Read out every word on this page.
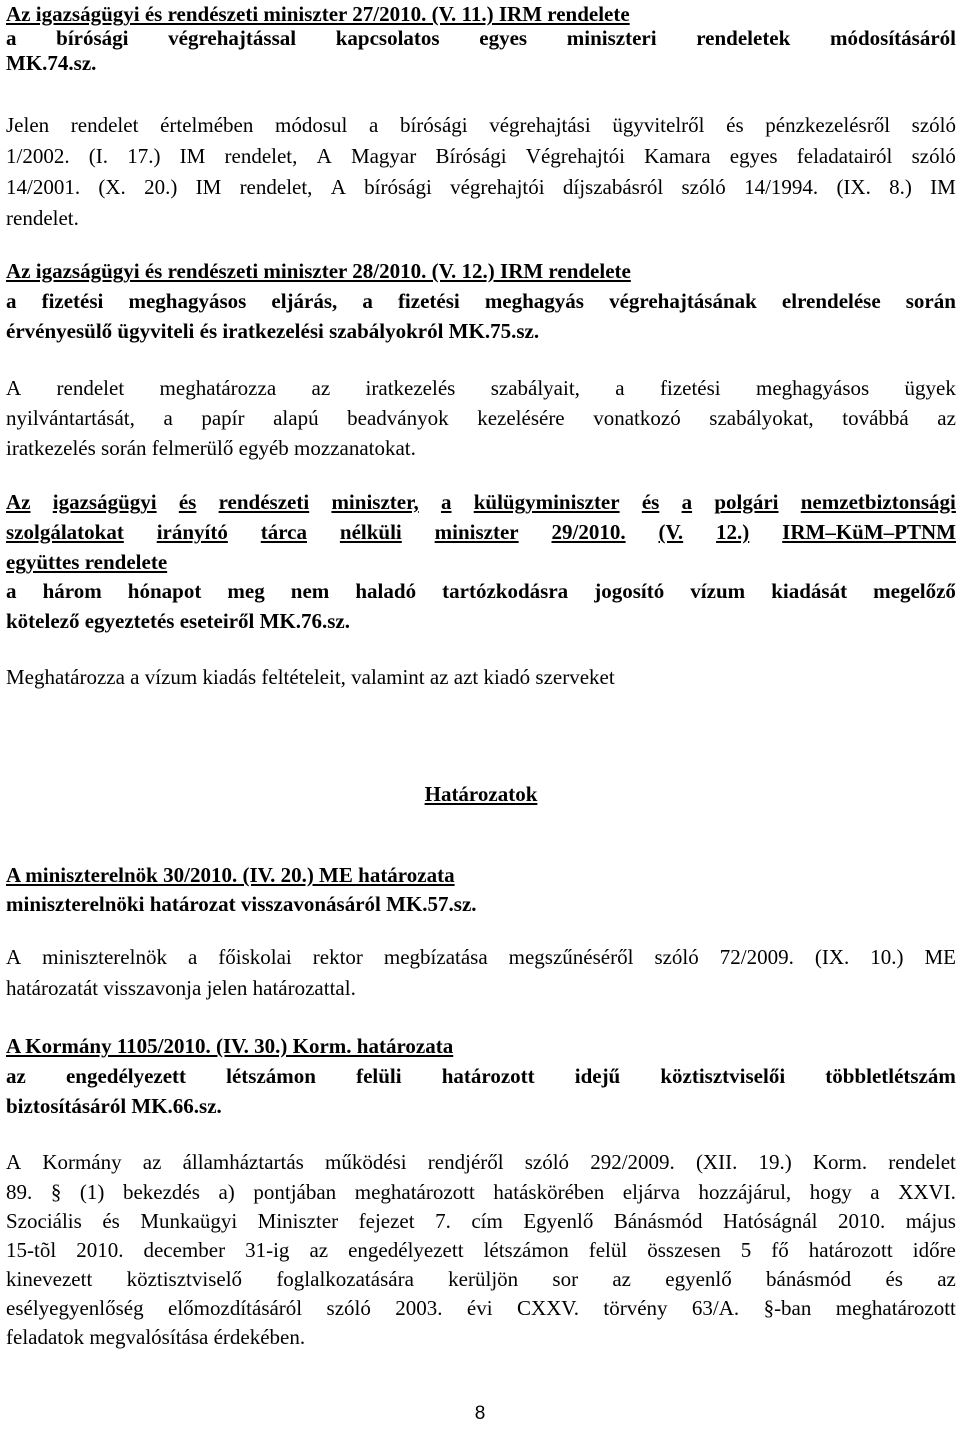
Az igazságügyi és rendészeti miniszter 27/2010. (V. 11.) IRM rendelete
a bírósági végrehajtással kapcsolatos egyes miniszteri rendeletek módosításáról
MK.74.sz.
Jelen rendelet értelmében módosul a bírósági végrehajtási ügyvitelről és pénzkezelésről szóló
1/2002. (I. 17.) IM rendelet, A Magyar Bírósági Végrehajtói Kamara egyes feladatairól szóló
14/2001. (X. 20.) IM rendelet, A bírósági végrehajtói díjszabásról szóló 14/1994. (IX. 8.) IM
rendelet.
Az igazságügyi és rendészeti miniszter 28/2010. (V. 12.) IRM rendelete
a fizetési meghagyásos eljárás, a fizetési meghagyás végrehajtásának elrendelése során
érvényesülő ügyviteli és iratkezelési szabályokról MK.75.sz.
A rendelet meghatározza az iratkezelés szabályait, a fizetési meghagyásos ügyek
nyilvántartását, a papír alapú beadványok kezelésére vonatkozó szabályokat, továbbá az
iratkezelés során felmerülő egyéb mozzanatokat.
Az igazságügyi és rendészeti miniszter, a külügyminiszter és a polgári nemzetbiztonsági
szolgálatokat irányító tárca nélküli miniszter 29/2010. (V. 12.) IRM–KüM–PTNM
együttes rendelete
a három hónapot meg nem haladó tartózkodásra jogosító vízum kiadását megelőző
kötelező egyeztetés eseteiről MK.76.sz.
Meghatározza a vízum kiadás feltételeit, valamint az azt kiadó szerveket
Határozatok
A miniszterelnök 30/2010. (IV. 20.) ME határozata
miniszterelnöki határozat visszavonásáról MK.57.sz.
A miniszterelnök a főiskolai rektor megbízatása megszűnéséről szóló 72/2009. (IX. 10.) ME
határozatát visszavonja jelen határozattal.
A Kormány 1105/2010. (IV. 30.) Korm. határozata
az engedélyezett létszámon felüli határozott idejű köztisztviselői többletlétszám
biztosításáról MK.66.sz.
A Kormány az államháztartás működési rendjéről szóló 292/2009. (XII. 19.) Korm. rendelet
89. § (1) bekezdés a) pontjában meghatározott hatáskörében eljárva hozzájárul, hogy a XXVI.
Szociális és Munkaügyi Miniszter fejezet 7. cím Egyenlő Bánásmód Hatóságnál 2010. május
15-tõl 2010. december 31-ig az engedélyezett létszámon felül összesen 5 fő határozott időre
kinevezett köztisztviselő foglalkozatására kerüljön sor az egyenlő bánásmód és az
esélyegyenlőség előmozdításáról szóló 2003. évi CXXV. törvény 63/A. §-ban meghatározott
feladatok megvalósítása érdekében.
8
